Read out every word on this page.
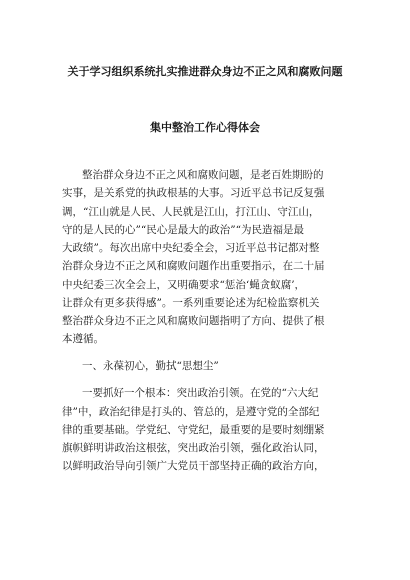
关于学习组织系统扎实推进群众身边不正之风和腐败问题
集中整治工作心得体会
整治群众身边不正之风和腐败问题，是老百姓期盼的
实事，是关系党的执政根基的大事。习近平总书记反复强
调，“江山就是人民、人民就是江山，打江山、守江山，
守的是人民的心”“民心是最大的政治”“为民造福是最
大政绩”。每次出席中央纪委全会，习近平总书记都对整
治群众身边不正之风和腐败问题作出重要指示，在二十届
中央纪委三次全会上，又明确要求“惩治‘蝇贪蚁腐’，
让群众有更多获得感”。一系列重要论述为纪检监察机关
整治群众身边不正之风和腐败问题指明了方向、提供了根
本遵循。
一、永葆初心，勤拭“思想尘”
一要抓好一个根本：突出政治引领。在党的“六大纪
律”中，政治纪律是打头的、管总的，是遵守党的全部纪
律的重要基础。学党纪、守党纪，最重要的是要时刻绷紧
旗帜鲜明讲政治这根弦，突出政治引领，强化政治认同，
以鲜明政治导向引领广大党员干部坚持正确的政治方向，
